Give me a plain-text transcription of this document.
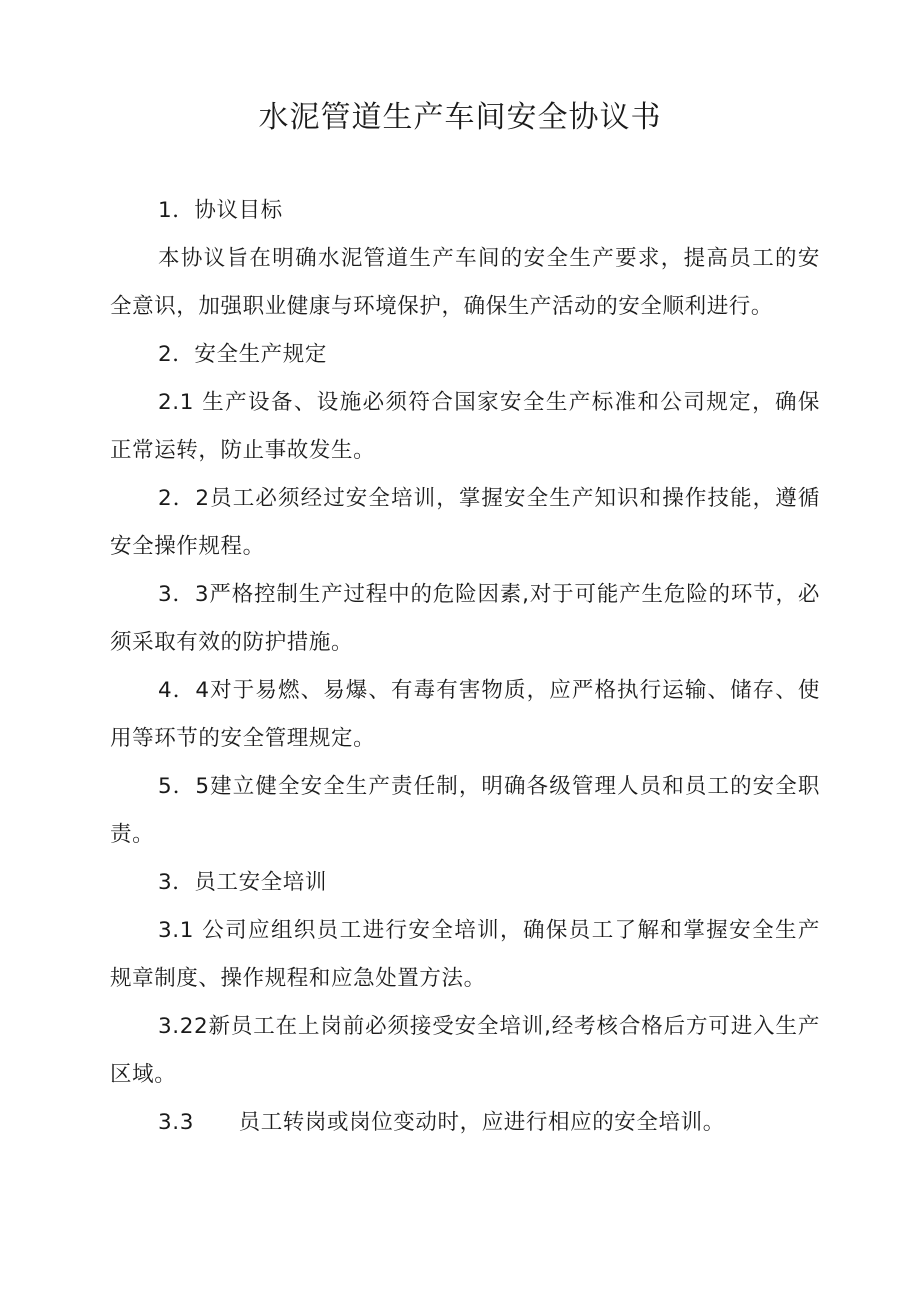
水泥管道生产车间安全协议书

1．协议目标

本协议旨在明确水泥管道生产车间的安全生产要求，提高员工的安全意识，加强职业健康与环境保护，确保生产活动的安全顺利进行。

2．安全生产规定

2.1 生产设备、设施必须符合国家安全生产标准和公司规定，确保正常运转，防止事故发生。

2．2员工必须经过安全培训，掌握安全生产知识和操作技能，遵循安全操作规程。

3．3严格控制生产过程中的危险因素,对于可能产生危险的环节，必须采取有效的防护措施。

4．4对于易燃、易爆、有毒有害物质，应严格执行运输、储存、使用等环节的安全管理规定。

5．5建立健全安全生产责任制，明确各级管理人员和员工的安全职责。

3．员工安全培训

3.1 公司应组织员工进行安全培训，确保员工了解和掌握安全生产规章制度、操作规程和应急处置方法。

3.22新员工在上岗前必须接受安全培训,经考核合格后方可进入生产区域。

3.3      员工转岗或岗位变动时，应进行相应的安全培训。
